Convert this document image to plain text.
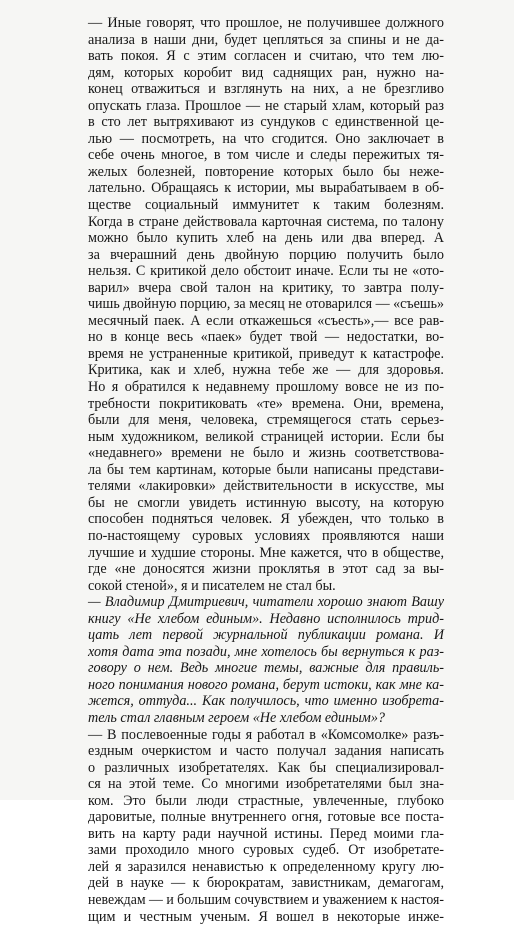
— Иные говорят, что прошлое, не получившее должного
анализа в наши дни, будет цепляться за спины и не да-
вать покоя. Я с этим согласен и считаю, что тем лю-
дям, которых коробит вид саднящих ран, нужно на-
конец отважиться и взглянуть на них, а не брезгливо
опускать глаза. Прошлое — не старый хлам, который раз
в сто лет вытряхивают из сундуков с единственной це-
лью — посмотреть, на что сгодится. Оно заключает в
себе очень многое, в том числе и следы пережитых тя-
желых болезней, повторение которых было бы нежe-
лательно. Обращаясь к истории, мы вырабатываем в об-
ществе социальный иммунитет к таким болезням.
Когда в стране действовала карточная система, по талону
можно было купить хлеб на день или два вперед. А
за вчерашний день двойную порцию получить было
нельзя. С критикой дело обстоит иначе. Если ты не «ото-
варил» вчера свой талон на критику, то завтра полу-
чишь двойную порцию, за месяц не отоварился — «съешь»
месячный паек. А если откажешься «съесть»,— все рав-
но в конце весь «паек» будет твой — недостатки, во-
время не устраненные критикой, приведут к катастрофе.
Критика, как и хлеб, нужна тебе же — для здоровья.
Но я обратился к недавнему прошлому вовсе не из по-
требности покритиковать «те» времена. Они, времена,
были для меня, человека, стремящегося стать серьез-
ным художником, великой страницей истории. Если бы
«недавнего» времени не было и жизнь соответствова-
ла бы тем картинам, которые были написаны представи-
телями «лакировки» действительности в искусстве, мы
бы не смогли увидеть истинную высоту, на которую
способен подняться человек. Я убежден, что только в
по-настоящему суровых условиях проявляются наши
лучшие и худшие стороны. Мне кажется, что в обществе,
где «не доносятся жизни проклятья в этот сад за вы-
сокой стеной», я и писателем не стал бы.
— Владимир Дмитриевич, читатели хорошо знают Вашу
книгу «Не хлебом единым». Недавно исполнилось трид-
цать лет первой журнальной публикации романа. И
хотя дата эта позади, мне хотелось бы вернуться к раз-
говору о нем. Ведь многие темы, важные для правиль-
ного понимания нового романа, берут истоки, как мне ка-
жется, оттуда... Как получилось, что именно изобрета-
тель стал главным героем «Не хлебом единым»?
— В послевоенные годы я работал в «Комсомолке» разъ-
ездным очеркистом и часто получал задания написать
о различных изобретателях. Как бы специализировал-
ся на этой теме. Со многими изобретателями был зна-
ком. Это были люди страстные, увлеченные, глубоко
даровитые, полные внутреннего огня, готовые все постa-
вить на карту ради научной истины. Перед моими гла-
зами проходило много суровых судеб. От изобретате-
лей я заразился ненавистью к определенному кругу лю-
дей в науке — к бюрократам, завистникам, демагогам,
невеждам — и большим сочувствием и уважением к настоя-
щим и честным ученым. Я вошел в некоторые инже-
